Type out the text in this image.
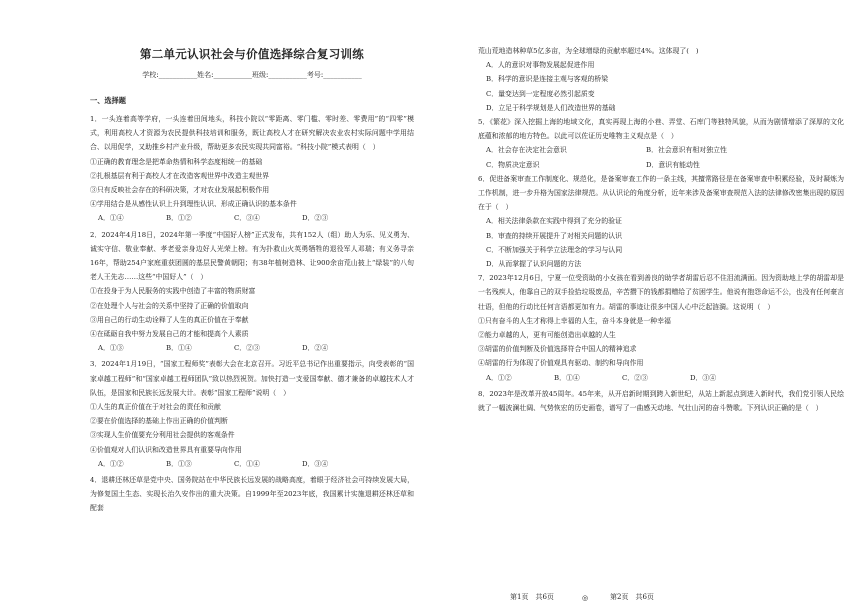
第二单元认识社会与价值选择综合复习训练
学校:___________姓名:___________班级:___________考号:___________
一、选择题

1．一头连着高等学府，一头连着田间地头，科技小院以“零距离、零门槛、零时差、零费用”的“四零”模式，利用高校人才资源为农民提供科技培训和服务，既让高校人才在研究解决农业农村实际问题中学用结合、以用促学，又助推乡村产业升级，帮助更多农民实现共同富裕。“科技小院”模式表明（　）

①正确的教育理念是把革命热情和科学态度相统一的基础

②扎根基层有利于高校人才在改造客观世界中改造主观世界

③只有反映社会存在的科研决策，才对农业发展起积极作用

④学用结合是从感性认识上升到理性认识、形成正确认识的基本条件

A．①④	B．①②	C．③④	D．②③

2．2024年4月18日，2024年第一季度“中国好人榜”正式发布，共有152人（组）助人为乐、见义勇为、诚实守信、敬业奉献、孝老爱亲身边好人光荣上榜。有为扑救山火英勇牺牲的退役军人邓瑞；有义务寻亲16年，帮助254户家庭重获团圆的基层民警黄朝阳；有38年植树造林、让900余亩荒山披上“绿装”的八旬老人王先志……这些“中国好人”（　）

①在投身于为人民服务的实践中创造了丰富的物质财富

②在处理个人与社会的关系中坚持了正确的价值取向

③用自己的行动生动诠释了人生的真正价值在于奉献

④在砥砺自我中努力发展自己的才能和提高个人素质

A．①③	B．①④	C．②③	D．②④

3．2024年1月19日，“国家工程师奖”表彰大会在北京召开。习近平总书记作出重要指示，向受表彰的“国家卓越工程师”和“国家卓越工程师团队”致以热烈祝贺。加快打造一支爱国奉献、德才兼备的卓越技术人才队伍，是国家和民族长远发展大计。表彰“国家工程师”说明（　）

①人生的真正价值在于对社会的责任和贡献

②要在价值选择的基础上作出正确的价值判断

③实现人生价值要充分利用社会提供的客观条件

④价值观对人们认识和改造世界具有重要导向作用

A．①②	B．①③	C．①④	D．③④

4．退耕还林还草是党中央、国务院站在中华民族长远发展的战略高度，着眼于经济社会可持续发展大局，为修复国土生态、实现长治久安作出的重大决策。自1999年至2023年底，我国累计实施退耕还林还草和配套

荒山荒地造林种草5亿多亩，为全球增绿的贡献率超过4%。这体现了(　)

A．人的意识对事物发展起促进作用

B．科学的意识是连接主观与客观的桥梁

C．量变达到一定程度必然引起质变

D．立足于科学规划是人们改造世界的基础

5．《繁花》深入挖掘上海的地域文化，真实再现上海的小巷、弄堂、石库门等独特风貌，从而为剧情增添了深厚的文化底蕴和浓郁的地方特色。以此可以佐证历史唯物主义观点是（　）

A．社会存在决定社会意识	B．社会意识有相对独立性
C．物质决定意识	D．意识有能动性

6．促进备案审查工作制度化、规范化，是备案审查工作的一条主线，其擅常路径是在备案审查中积累经验，及时凝炼为工作机制，进一步升格为国家法律规范。从认识论的角度分析，近年来涉及备案审查规范入法的法律修改密集出现的原因在于（　）

A．相关法律条款在实践中得到了充分的验证

B．审查的持续开展提升了对相关问题的认识

C．不断加强关于科学立法理念的学习与认同

D．从而掌握了认识问题的方法

7．2023年12月6日，宁夏一位受资助的小女孩在看到善良的助学者胡雷后忍不住泪流满面。因为资助地上学的胡雷却是一名残疾人，他靠自己的双手捡拾垃圾废品，辛苦攒下的钱都捐赠给了贫困学生。他说有抱怨命运不公，也没有任何豪言壮语，但他的行动比任何言语都更加有力。胡雷的事迹让很多中国人心中泛起涟漪。这说明（　）

①只有奋斗的人生才称得上幸福的人生，奋斗本身就是一种幸福

②能力卓越的人，更有可能创造出卓越的人生

③胡雷的价值判断及价值选择符合中国人的精神追求

④胡雷的行为体现了价值观具有驱动、制约和导向作用

A．①②	B．①④	C．②③	D．③④

8．2023年是改革开放45周年。45年来，从开启新时期到跨入新世纪，从站上新起点到进入新时代，我们党引领人民绘就了一幅波澜壮阔、气势恢宏的历史画卷，谱写了一曲感天动地、气壮山河的奋斗赞歌。下列认识正确的是（　）

第1页　共6页	◎	第2页　共6页
